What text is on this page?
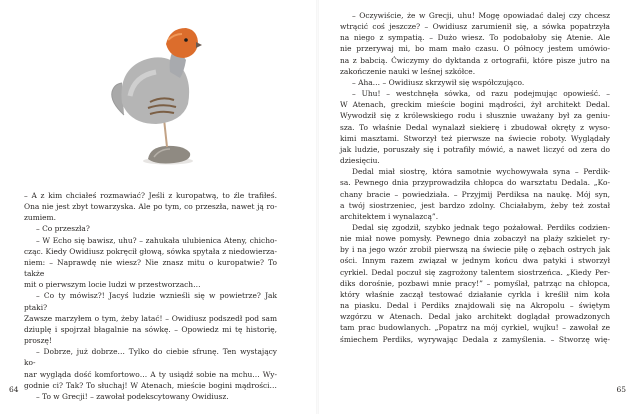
– A z kim chciałeś rozmawiać? Jeśli z kuropatwą, to źle trafiłeś.
Ona nie jest zbyt towarzyska. Ale po tym, co przeszła, nawet ją ro-
zumiem.
– Co przeszła?
– W Echo się bawisz, uhu? – zahukała ulubienica Ateny, chicho-
cząc. Kiedy Owidiusz pokręcił głową, sówka spytała z niedowierza-
niem: – Naprawdę nie wiesz? Nie znasz mitu o kuropatwie? To także
mit o pierwszym locie ludzi w przestworzach…
– Co ty mówisz?! Jacyś ludzie wznieśli się w powietrze? Jak ptaki?
Zawsze marzyłem o tym, żeby latać! – Owidiusz podszedł pod sam
dziuplę i spojrzał błagalnie na sówkę. – Opowiedz mi tę historię,
proszę!
– Dobrze, już dobrze… Tylko do ciebie sfrunę. Ten wystający ko-
nar wygląda dość komfortowo… A ty usiądź sobie na mchu… Wy-
godnie ci? Tak? To słuchaj! W Atenach, mieście bogini mądrości…
– To w Grecji! – zawołał podekscytowany Owidiusz.
64
– Oczywiście, że w Grecji, uhu! Mogę opowiadać dalej czy chcesz
wtrącić coś jeszcze? – Owidiusz zarumienił się, a sówka popatrzyła
na niego z sympatią. – Dużo wiesz. To podobałoby się Atenie. Ale
nie przerywaj mi, bo mam mało czasu. O północy jestem umówio-
na z babcią. Ćwiczymy do dyktanda z ortografii, które pisze jutro na
zakończenie nauki w leśnej szkółce.
– Aha… – Owidiusz skrzywił się współczująco.
– Uhu! – westchnęła sówka, od razu podejmując opowieść. –
W Atenach, greckim mieście bogini mądrości, żył architekt Dedal.
Wywodził się z królewskiego rodu i słusznie uważany był za geniu-
sza. To właśnie Dedal wynalazł siekierę i zbudował okręty z wyso-
kimi masztami. Stworzył też pierwsze na świecie roboty. Wyglądały
jak ludzie, poruszały się i potrafiły mówić, a nawet liczyć od zera do
dziesięciu.
Dedal miał siostrę, która samotnie wychowywała syna – Perdik-
sa. Pewnego dnia przyprowadziła chłopca do warsztatu Dedala. „Ko-
chany bracie – powiedziała. – Przyjmij Perdiksa na naukę. Mój syn,
a twój siostrzeniec, jest bardzo zdolny. Chciałabym, żeby też został
architektem i wynalazcą”.
Dedal się zgodził, szybko jednak tego pożałował. Perdiks codzien-
nie miał nowe pomysły. Pewnego dnia zobaczył na plaży szkielet ry-
by i na jego wzór zrobił pierwszą na świecie piłę o zębach ostrych jak
ości. Innym razem związał w jednym końcu dwa patyki i stworzył
cyrkiel. Dedal poczuł się zagrożony talentem siostrzeńca. „Kiedy Per-
diks dorośnie, pozbawi mnie pracy!” – pomyślał, patrząc na chłopca,
który właśnie zaczął testować działanie cyrkla i kreślił nim koła
na piasku. Dedal i Perdiks znajdowali się na Akropolu – świętym
wzgórzu w Atenach. Dedal jako architekt doglądał prowadzonych
tam prac budowlanych. „Popatrz na mój cyrkiel, wujku! – zawołał ze
śmiechem Perdiks, wyrywając Dedala z zamyślenia. – Stworzę wię-
65
